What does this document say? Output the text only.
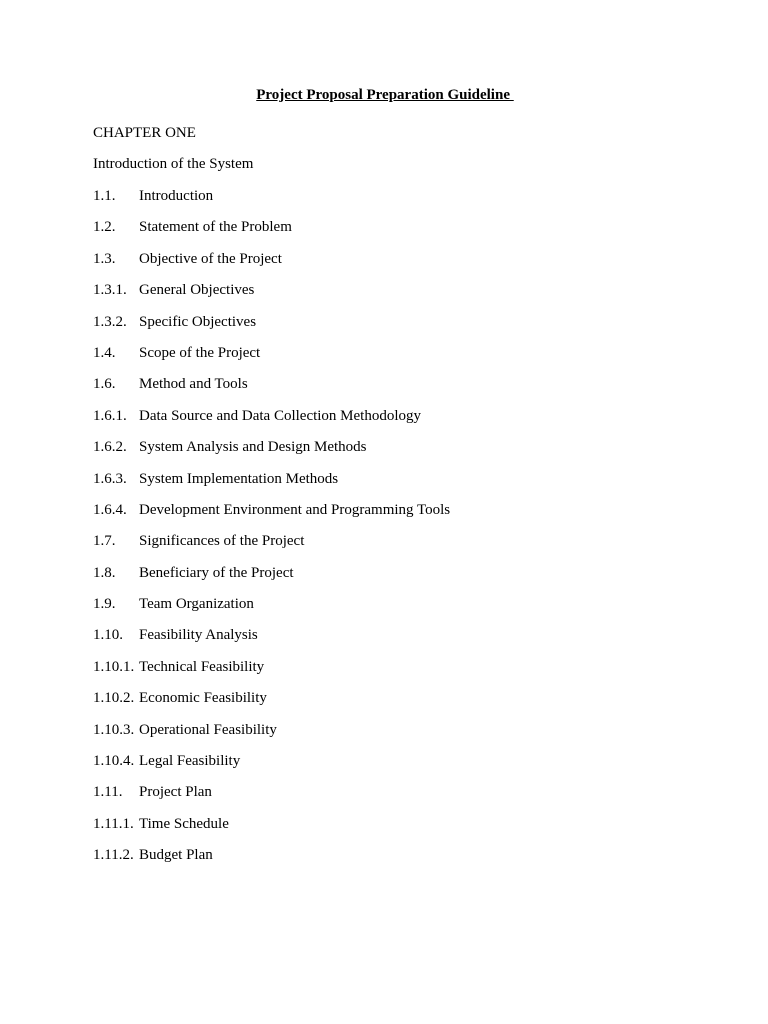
Project Proposal Preparation Guideline
CHAPTER ONE
Introduction of the System
1.1. Introduction
1.2. Statement of the Problem
1.3. Objective of the Project
1.3.1. General Objectives
1.3.2. Specific Objectives
1.4. Scope of the Project
1.6. Method and Tools
1.6.1. Data Source and Data Collection Methodology
1.6.2. System Analysis and Design Methods
1.6.3. System Implementation Methods
1.6.4. Development Environment and Programming Tools
1.7. Significances of the Project
1.8. Beneficiary of the Project
1.9. Team Organization
1.10. Feasibility Analysis
1.10.1. Technical Feasibility
1.10.2. Economic Feasibility
1.10.3. Operational Feasibility
1.10.4. Legal Feasibility
1.11. Project Plan
1.11.1. Time Schedule
1.11.2. Budget Plan
